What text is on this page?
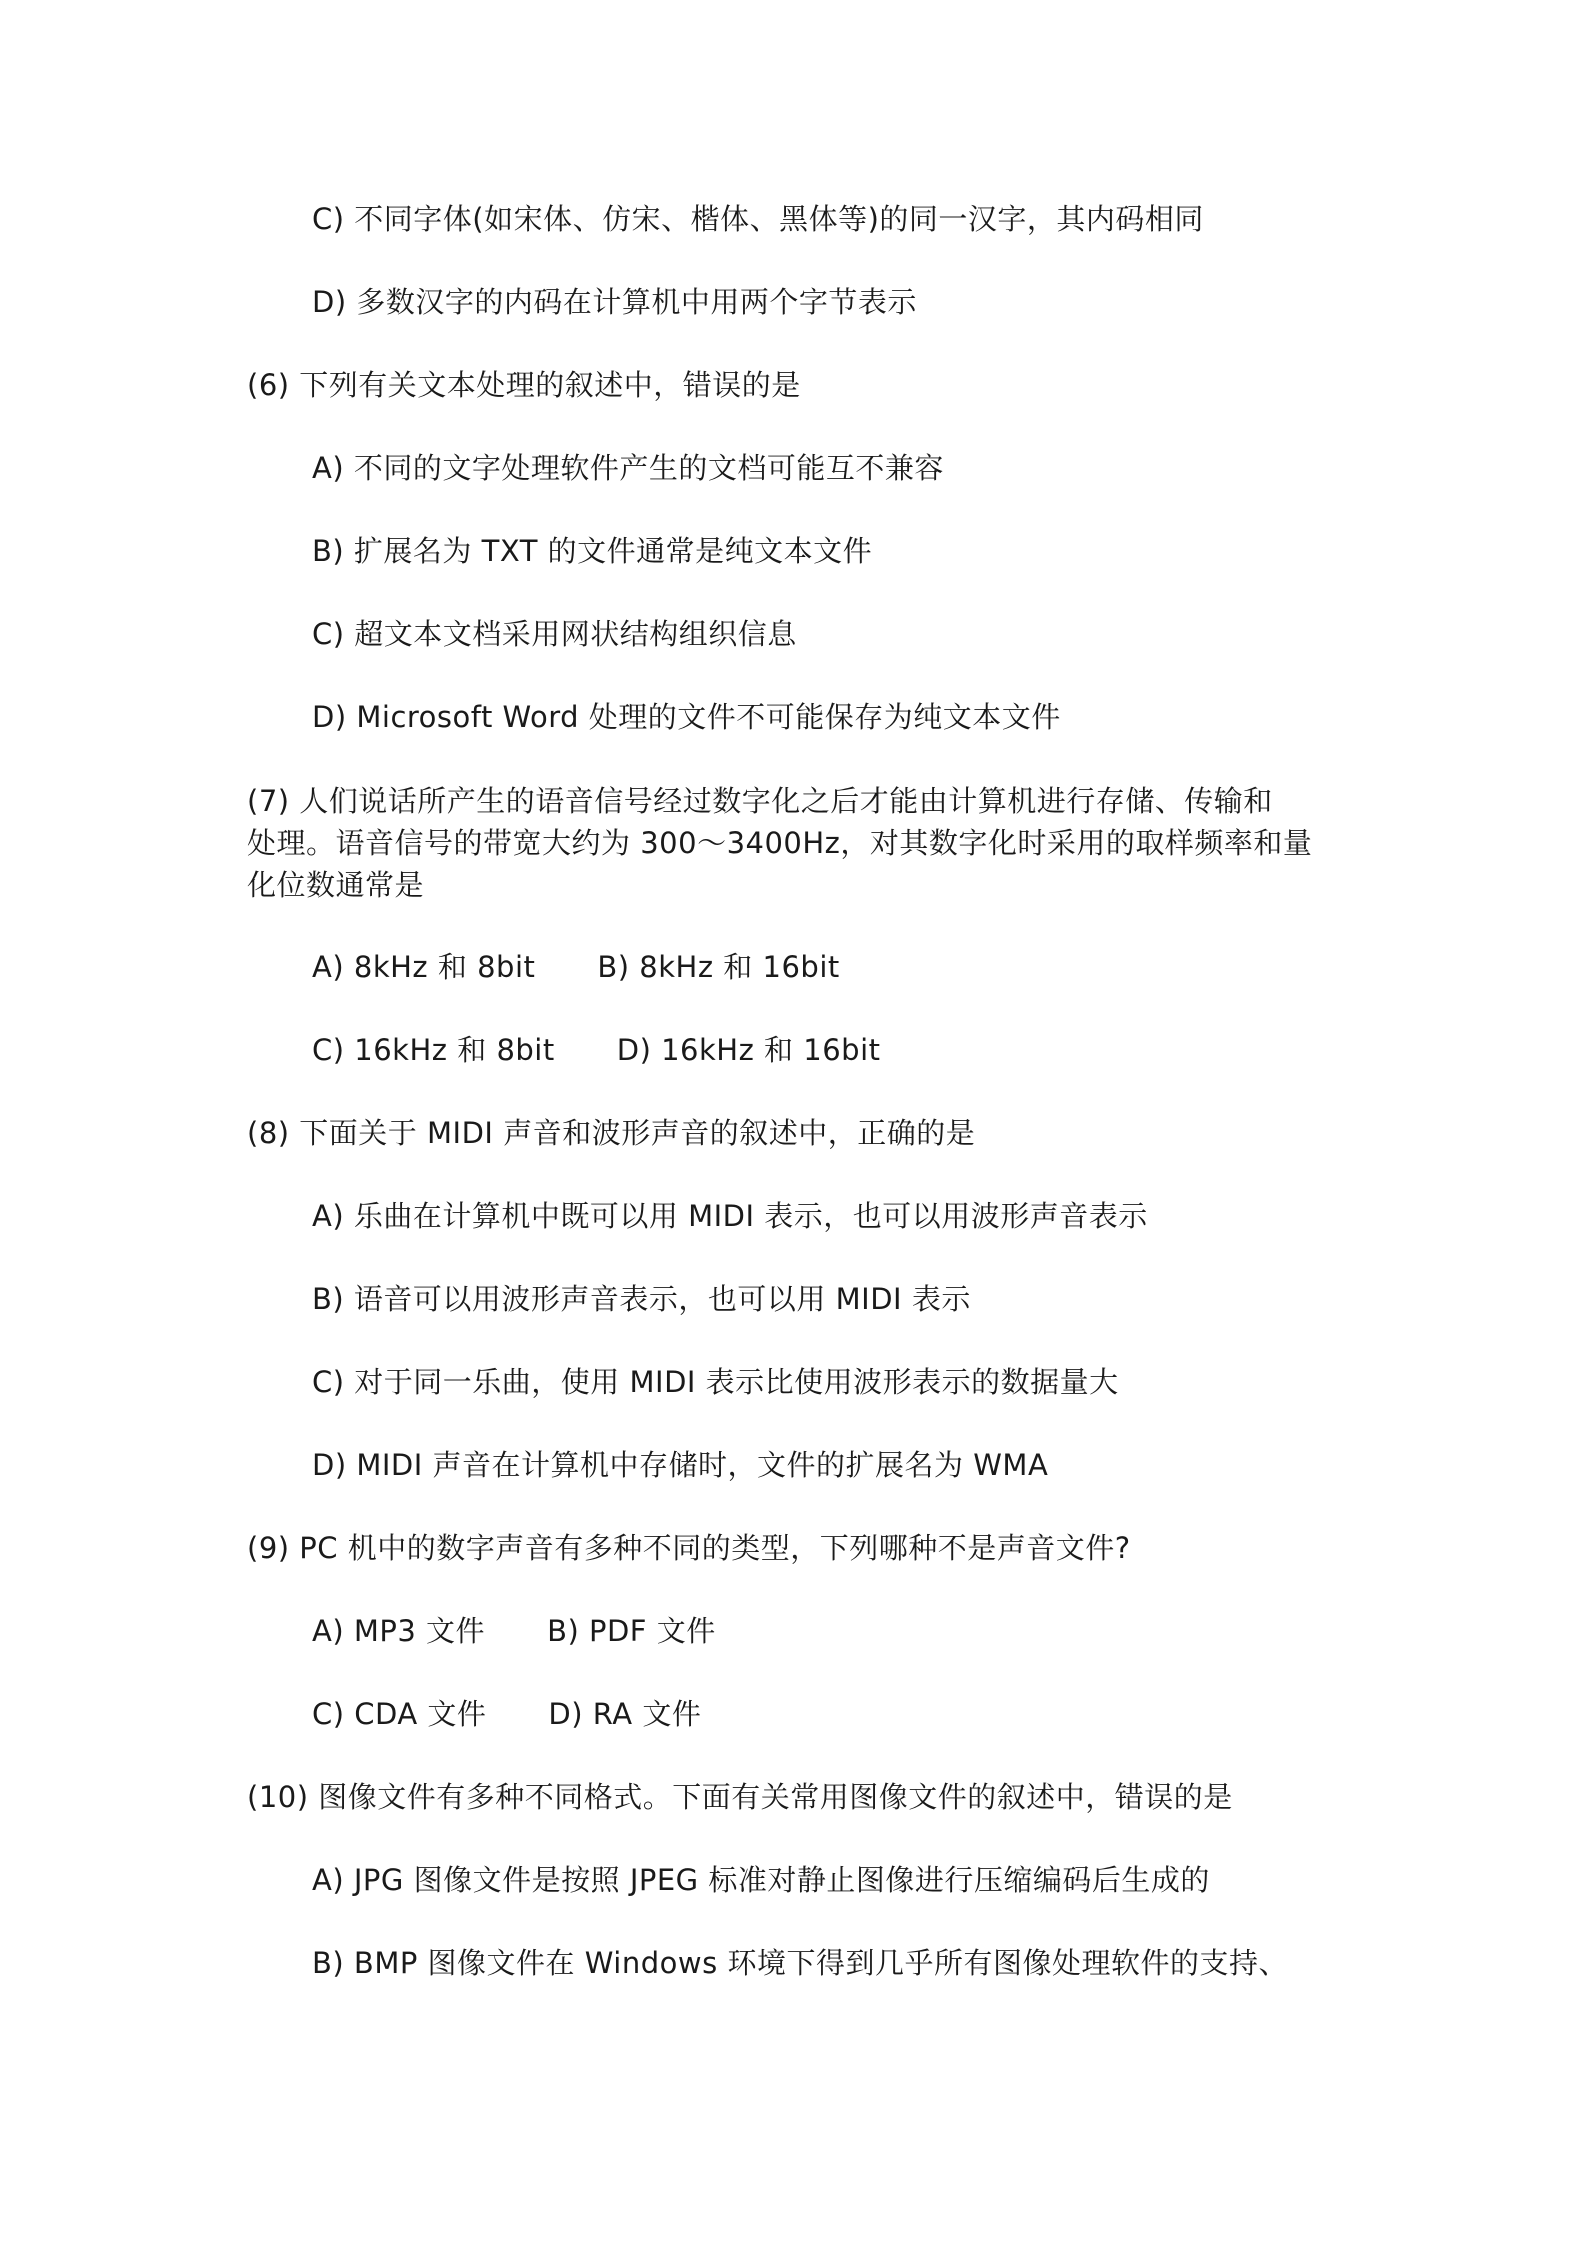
C) 不同字体(如宋体、仿宋、楷体、黑体等)的同一汉字，其内码相同
D) 多数汉字的内码在计算机中用两个字节表示
(6) 下列有关文本处理的叙述中，错误的是
A) 不同的文字处理软件产生的文档可能互不兼容
B) 扩展名为 TXT 的文件通常是纯文本文件
C) 超文本文档采用网状结构组织信息
D) Microsoft Word 处理的文件不可能保存为纯文本文件
(7) 人们说话所产生的语音信号经过数字化之后才能由计算机进行存储、传输和
处理。语音信号的带宽大约为 300～3400Hz，对其数字化时采用的取样频率和量
化位数通常是
A) 8kHz 和 8bit B) 8kHz 和 16bit
C) 16kHz 和 8bit D) 16kHz 和 16bit
(8) 下面关于 MIDI 声音和波形声音的叙述中，正确的是
A) 乐曲在计算机中既可以用 MIDI 表示，也可以用波形声音表示
B) 语音可以用波形声音表示，也可以用 MIDI 表示
C) 对于同一乐曲，使用 MIDI 表示比使用波形表示的数据量大
D) MIDI 声音在计算机中存储时，文件的扩展名为 WMA
(9) PC 机中的数字声音有多种不同的类型，下列哪种不是声音文件?
A) MP3 文件 B) PDF 文件
C) CDA 文件 D) RA 文件
(10) 图像文件有多种不同格式。下面有关常用图像文件的叙述中，错误的是
A) JPG 图像文件是按照 JPEG 标准对静止图像进行压缩编码后生成的
B) BMP 图像文件在 Windows 环境下得到几乎所有图像处理软件的支持、
